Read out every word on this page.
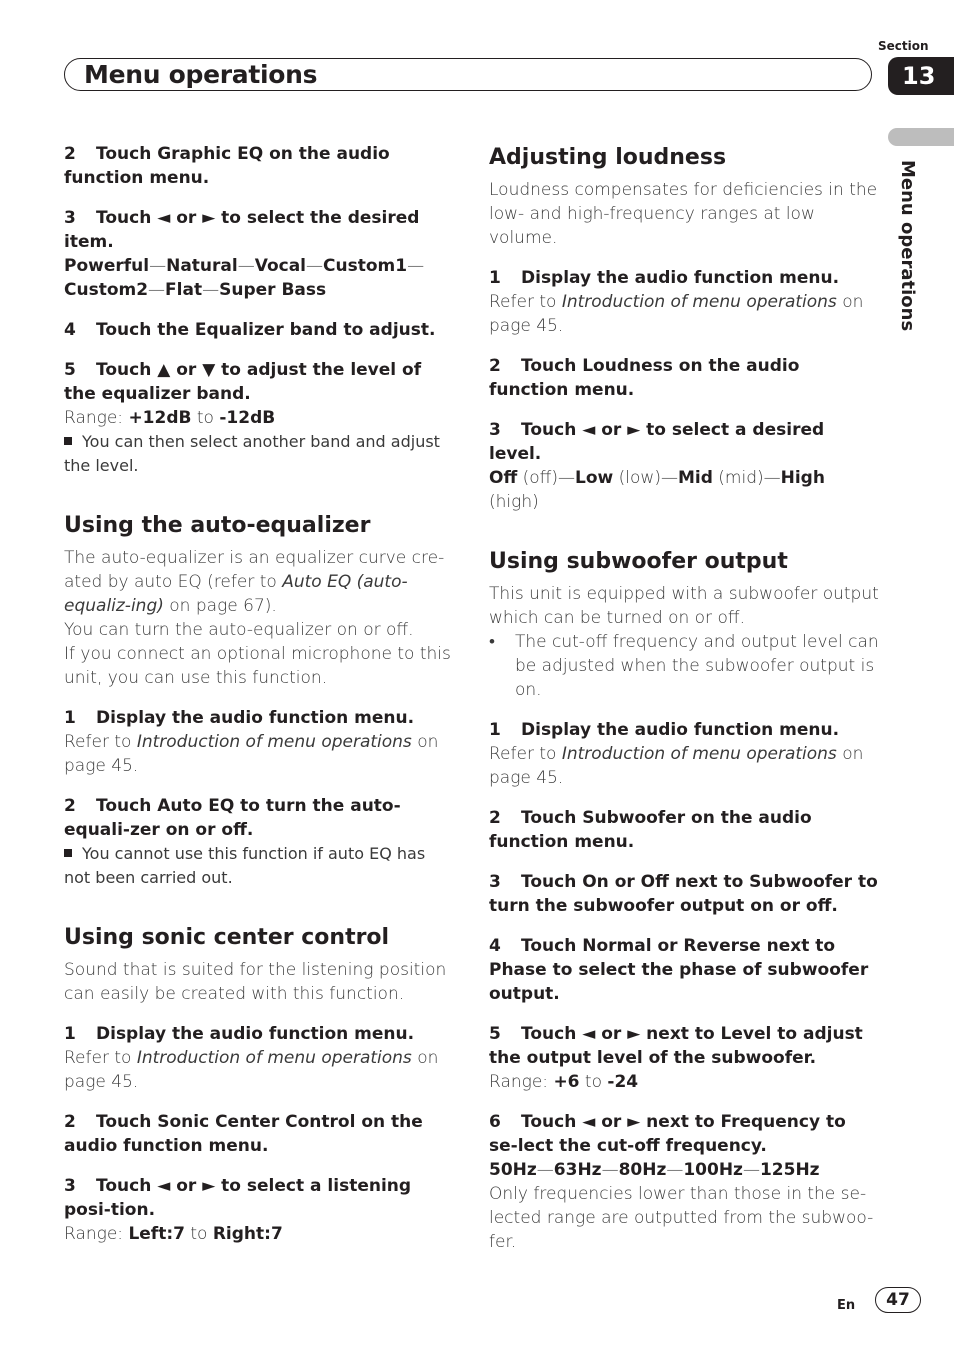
Menu operations
Section
13
Menu operations

2 Touch Graphic EQ on the audio function menu.

3 Touch ◄ or ► to select the desired item.

Powerful—Natural—Vocal—Custom1—
Custom2—Flat—Super Bass

4 Touch the Equalizer band to adjust.

5 Touch ▲ or ▼ to adjust the level of the equalizer band.

Range: +12dB to -12dB

You can then select another band and adjust the level.

Using the auto-equalizer

The auto-equalizer is an equalizer curve cre-ated by auto EQ (refer to Auto EQ (auto-equaliz-ing) on page 67).

You can turn the auto-equalizer on or off.

If you connect an optional microphone to this unit, you can use this function.

1 Display the audio function menu.

Refer to Introduction of menu operations on page 45.

2 Touch Auto EQ to turn the auto-equali-zer on or off.

You cannot use this function if auto EQ has not been carried out.

Using sonic center control

Sound that is suited for the listening position can easily be created with this function.

1 Display the audio function menu.

Refer to Introduction of menu operations on page 45.

2 Touch Sonic Center Control on the audio function menu.

3 Touch ◄ or ► to select a listening posi-tion.

Range: Left:7 to Right:7

Adjusting loudness

Loudness compensates for deficiencies in the low- and high-frequency ranges at low volume.

1 Display the audio function menu.

Refer to Introduction of menu operations on page 45.

2 Touch Loudness on the audio function menu.

3 Touch ◄ or ► to select a desired level.

Off (off)—Low (low)—Mid (mid)—High
(high)

Using subwoofer output

This unit is equipped with a subwoofer output which can be turned on or off.

•	The cut-off frequency and output level can be adjusted when the subwoofer output is on.

1 Display the audio function menu.

Refer to Introduction of menu operations on page 45.

2 Touch Subwoofer on the audio function menu.

3 Touch On or Off next to Subwoofer to turn the subwoofer output on or off.

4 Touch Normal or Reverse next to Phase to select the phase of subwoofer output.

5 Touch ◄ or ► next to Level to adjust the output level of the subwoofer.

Range: +6 to -24

6 Touch ◄ or ► next to Frequency to se-lect the cut-off frequency.

50Hz—63Hz—80Hz—100Hz—125Hz

Only frequencies lower than those in the se-lected range are outputted from the subwoo-fer.

En	47
